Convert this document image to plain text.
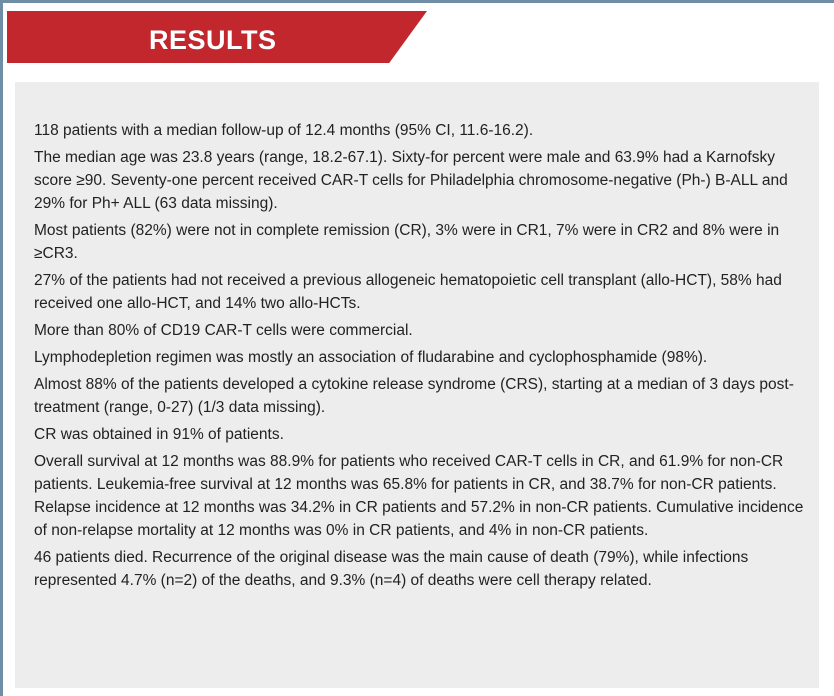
RESULTS

118 patients with a median follow-up of 12.4 months (95% CI, 11.6-16.2).

The median age was 23.8 years (range, 18.2-67.1). Sixty-for percent were male and 63.9% had a Karnofsky score ≥90. Seventy-one percent received CAR-T cells for Philadelphia chromosome-negative (Ph-) B-ALL and 29% for Ph+ ALL (63 data missing).

Most patients (82%) were not in complete remission (CR), 3% were in CR1, 7% were in CR2 and 8% were in ≥CR3.

27% of the patients had not received a previous allogeneic hematopoietic cell transplant (allo-HCT), 58% had received one allo-HCT, and 14% two allo-HCTs.

More than 80% of CD19 CAR-T cells were commercial.

Lymphodepletion regimen was mostly an association of fludarabine and cyclophosphamide (98%).

Almost 88% of the patients developed a cytokine release syndrome (CRS), starting at a median of 3 days post-treatment (range, 0-27) (1/3 data missing).

CR was obtained in 91% of patients.

Overall survival at 12 months was 88.9% for patients who received CAR-T cells in CR, and 61.9% for non-CR patients. Leukemia-free survival at 12 months was 65.8% for patients in CR, and 38.7% for non-CR patients. Relapse incidence at 12 months was 34.2% in CR patients and 57.2% in non-CR patients. Cumulative incidence of non-relapse mortality at 12 months was 0% in CR patients, and 4% in non-CR patients.

46 patients died. Recurrence of the original disease was the main cause of death (79%), while infections represented 4.7% (n=2) of the deaths, and 9.3% (n=4) of deaths were cell therapy related.
